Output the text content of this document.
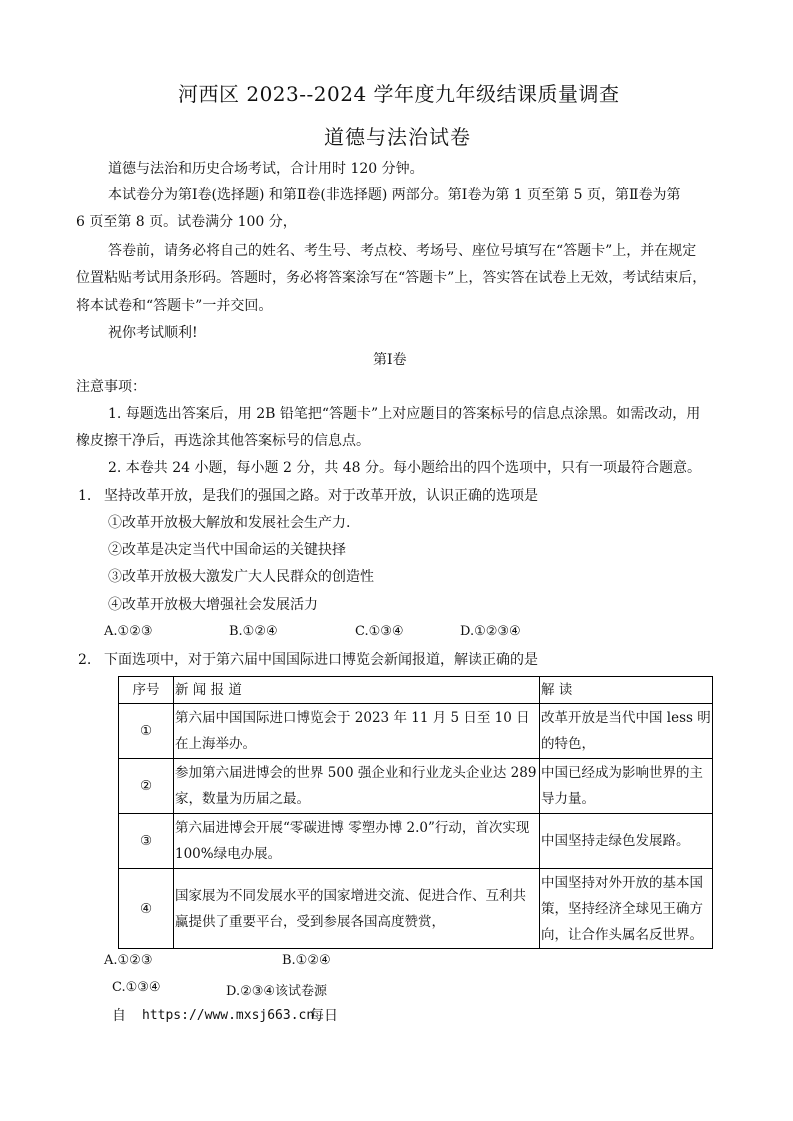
河西区 2023--2024 学年度九年级结课质量调查
道德与法治试卷
道德与法治和历史合场考试，合计用时 120 分钟。
本试卷分为第Ⅰ卷(选择题) 和第Ⅱ卷(非选择题) 两部分。第Ⅰ卷为第 1 页至第 5 页，第Ⅱ卷为第
6 页至第 8 页。试卷满分 100 分，
答卷前，请务必将自己的姓名、考生号、考点校、考场号、座位号填写在“答题卡”上，并在规定
位置粘贴考试用条形码。答题时，务必将答案涂写在“答题卡”上，答实答在试卷上无效，考试结束后，
将本试卷和“答题卡”一并交回。
祝你考试顺利!
第Ⅰ卷
注意事项：
1. 每题选出答案后，用 2B 铅笔把“答题卡”上对应题目的答案标号的信息点涂黑。如需改动，用
橡皮擦干净后，再选涂其他答案标号的信息点。
2. 本卷共 24 小题，每小题 2 分，共 48 分。每小题给出的四个选项中，只有一项最符合题意。
1. 坚持改革开放，是我们的强国之路。对于改革开放，认识正确的选项是
①改革开放极大解放和发展社会生产力.
②改革是决定当代中国命运的关键抉择
③改革开放极大激发广大人民群众的创造性
④改革开放极大增强社会发展活力
A.①②③	B.①②④	C.①③④	D.①②③④
2. 下面选项中，对于第六届中国国际进口博览会新闻报道，解读正确的是
序号	新 闻 报 道	解 读
①	第六届中国国际进口博览会于 2023 年 11 月 5 日至 10 日在上海举办。	改革开放是当代中国 less 明的特色，

②	参加第六届进博会的世界 500 强企业和行业龙头企业达 289 家，数量为历届之最。	中国已经成为影响世界的主导力量。

③	第六届进博会开展“零碳进博 零塑办博 2.0”行动，首次实现 100%绿电办展。	中国坚持走绿色发展路。

④	国家展为不同发展水平的国家增进交流、促进合作、互利共赢提供了重要平台，受到参展各国高度赞赏，	中国坚持对外开放的基本国策，坚持经济全球见王确方向，让合作头属名反世界。
A.①②③	B.①②④
C.①③④	D.②③④该试卷源
自 https://www.mxsj663.cn
每日
